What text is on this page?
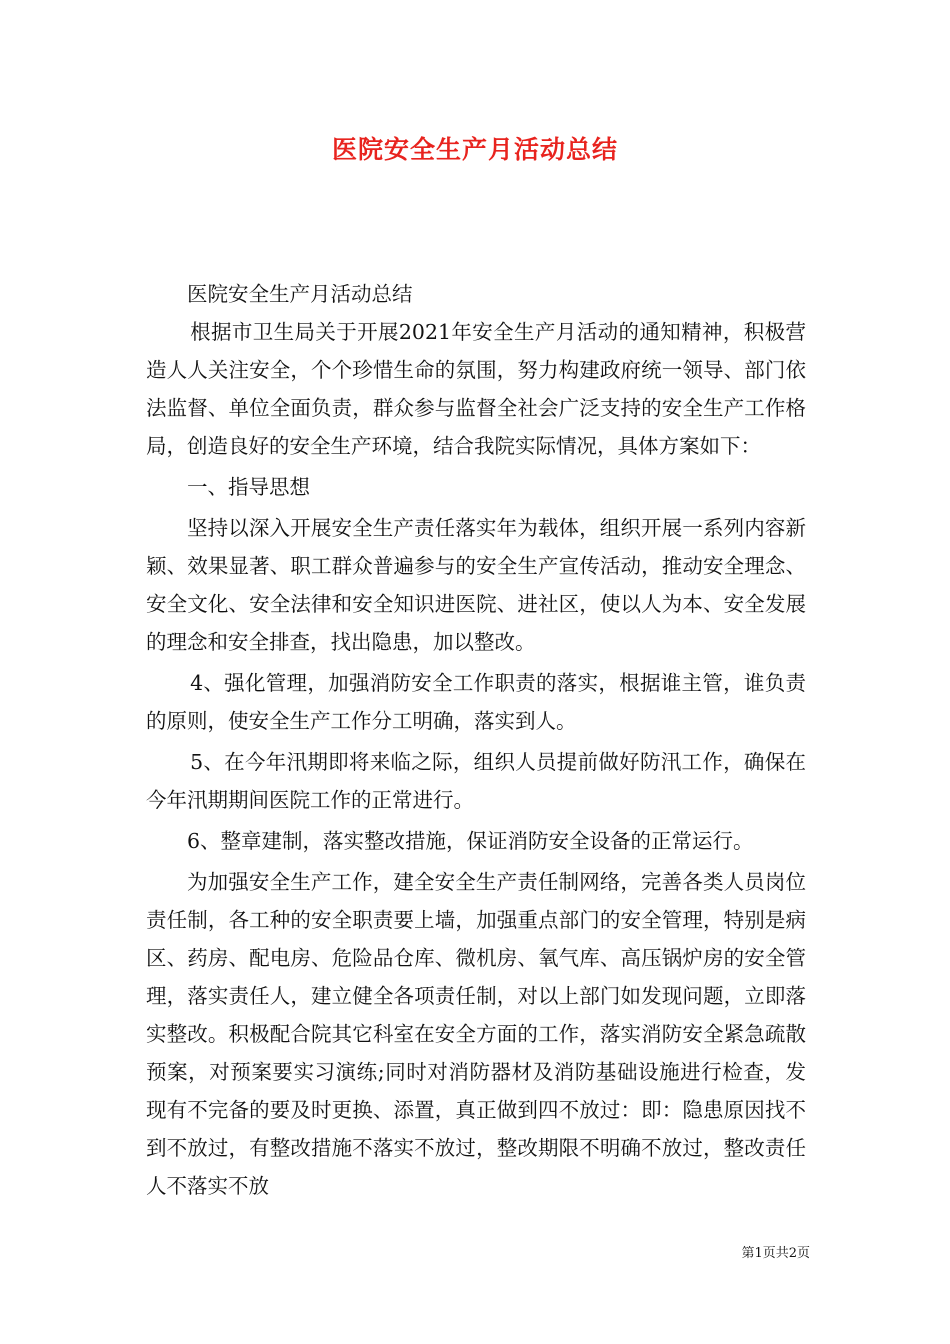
医院安全生产月活动总结

医院安全生产月活动总结

根据市卫生局关于开展2021年安全生产月活动的通知精神，积极营造人人关注安全，个个珍惜生命的氛围，努力构建政府统一领导、部门依法监督、单位全面负责，群众参与监督全社会广泛支持的安全生产工作格局，创造良好的安全生产环境，结合我院实际情况，具体方案如下：

一、指导思想

坚持以深入开展安全生产责任落实年为载体，组织开展一系列内容新颖、效果显著、职工群众普遍参与的安全生产宣传活动，推动安全理念、安全文化、安全法律和安全知识进医院、进社区，使以人为本、安全发展的理念和安全排查，找出隐患，加以整改。

4、强化管理，加强消防安全工作职责的落实，根据谁主管，谁负责的原则，使安全生产工作分工明确，落实到人。

5、在今年汛期即将来临之际，组织人员提前做好防汛工作，确保在今年汛期期间医院工作的正常进行。

6、整章建制，落实整改措施，保证消防安全设备的正常运行。

为加强安全生产工作，建全安全生产责任制网络，完善各类人员岗位责任制，各工种的安全职责要上墙，加强重点部门的安全管理，特别是病区、药房、配电房、危险品仓库、微机房、氧气库、高压锅炉房的安全管理，落实责任人，建立健全各项责任制，对以上部门如发现问题，立即落实整改。积极配合院其它科室在安全方面的工作，落实消防安全紧急疏散预案，对预案要实习演练;同时对消防器材及消防基础设施进行检查，发现有不完备的要及时更换、添置，真正做到四不放过：即：隐患原因找不到不放过，有整改措施不落实不放过，整改期限不明确不放过，整改责任人不落实不放

第1页共2页
